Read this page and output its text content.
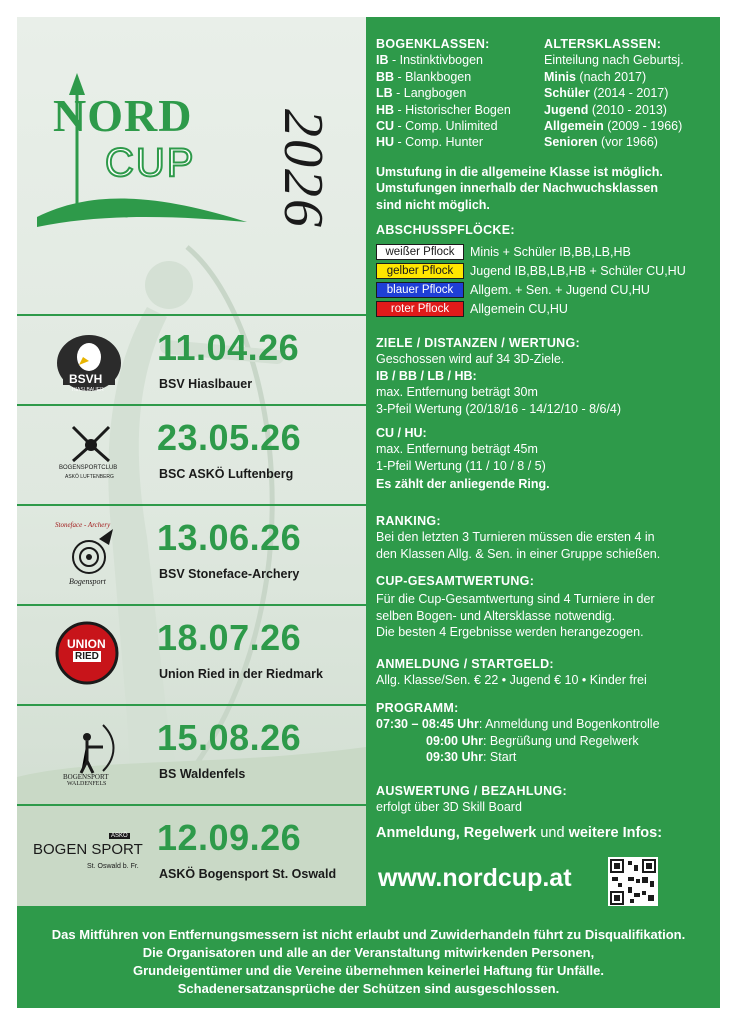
NORD
CUP 2026
BSVH
HIASLBAUER
11.04.26
BSV Hiaslbauer
BOGENSPORTCLUB
ASKÖ LUFTENBERG
23.05.26
BSC ASKÖ Luftenberg
Stoneface - Archery
Bogensport
13.06.26
BSV Stoneface-Archery
UNION
RIED 18.07.26
Union Ried in der Riedmark
BOGENSPORT
WALDENFELS
15.08.26
BS Waldenfels
ASKÖ
BOGEN SPORT
St. Oswald b. Fr.
12.09.26
ASKÖ Bogensport St. Oswald
BOGENKLASSEN:
IB - Instinktivbogen
BB - Blankbogen
LB - Langbogen
HB - Historischer Bogen
CU - Comp. Unlimited
HU - Comp. Hunter
ALTERSKLASSEN:
Einteilung nach Geburtsj.
Minis (nach 2017)
Schüler (2014 - 2017)
Jugend (2010 - 2013)
Allgemein (2009 - 1966)
Senioren (vor 1966)
Umstufung in die allgemeine Klasse ist möglich.
Umstufungen innerhalb der Nachwuchsklassen
sind nicht möglich.
ABSCHUSSPFLÖCKE:
weißer Pflock	Minis + Schüler IB,BB,LB,HB
gelber Pflock	Jugend IB,BB,LB,HB + Schüler CU,HU
blauer Pflock	Allgem. + Sen. + Jugend CU,HU
roter Pflock	Allgemein CU,HU
ZIELE / DISTANZEN / WERTUNG:
Geschossen wird auf 34 3D-Ziele.
IB / BB / LB / HB:
max. Entfernung beträgt 30m
3-Pfeil Wertung (20/18/16 - 14/12/10 - 8/6/4)
CU / HU:
max. Entfernung beträgt 45m
1-Pfeil Wertung (11 / 10 / 8 / 5)
Es zählt der anliegende Ring.
RANKING:
Bei den letzten 3 Turnieren müssen die ersten 4 in
den Klassen Allg. & Sen. in einer Gruppe schießen.
CUP-GESAMTWERTUNG:
Für die Cup-Gesamtwertung sind 4 Turniere in der
selben Bogen- und Altersklasse notwendig.
Die besten 4 Ergebnisse werden herangezogen.
ANMELDUNG / STARTGELD:
Allg. Klasse/Sen. € 22 • Jugend € 10 • Kinder frei
PROGRAMM:
07:30 – 08:45 Uhr: Anmeldung und Bogenkontrolle
09:00 Uhr: Begrüßung und Regelwerk
09:30 Uhr: Start
AUSWERTUNG / BEZAHLUNG:
erfolgt über 3D Skill Board
Anmeldung, Regelwerk und weitere Infos:
www.nordcup.at
Das Mitführen von Entfernungsmessern ist nicht erlaubt und Zuwiderhandeln führt zu Disqualifikation.
Die Organisatoren und alle an der Veranstaltung mitwirkenden Personen,
Grundeigentümer und die Vereine übernehmen keinerlei Haftung für Unfälle.
Schadenersatzansprüche der Schützen sind ausgeschlossen.
